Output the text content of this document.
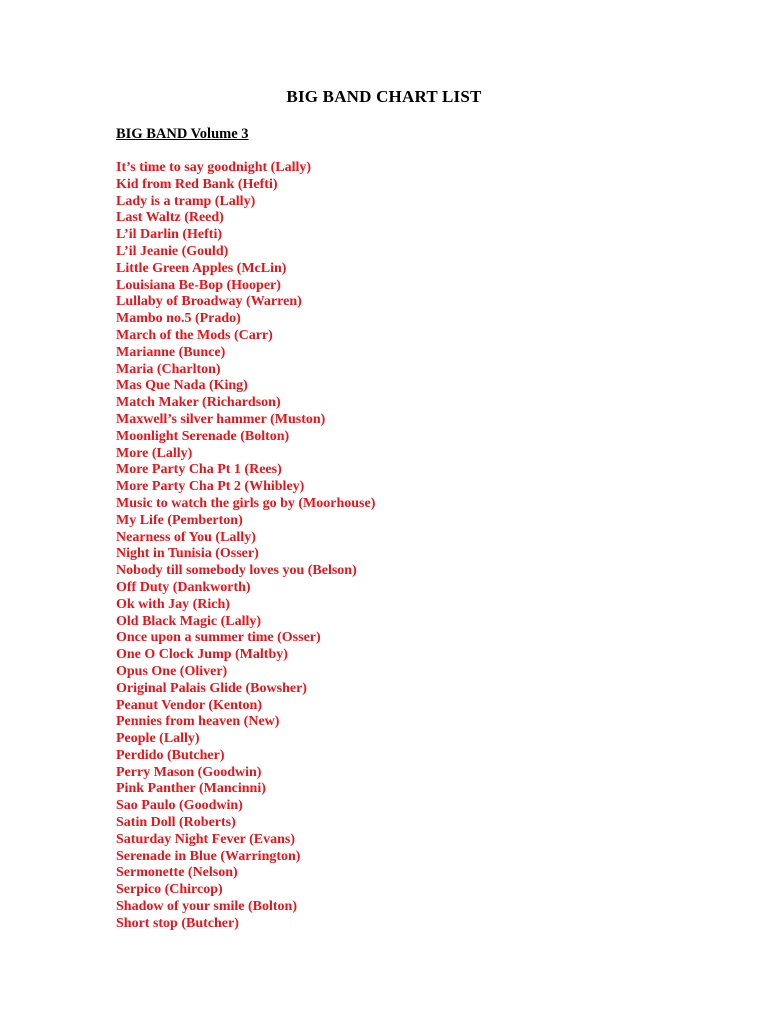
BIG BAND CHART LIST
BIG BAND Volume 3
It’s time to say goodnight (Lally)
Kid from Red Bank (Hefti)
Lady is a tramp (Lally)
Last Waltz (Reed)
L’il Darlin (Hefti)
L’il Jeanie (Gould)
Little Green Apples (McLin)
Louisiana Be-Bop (Hooper)
Lullaby of Broadway (Warren)
Mambo no.5 (Prado)
March of the Mods (Carr)
Marianne (Bunce)
Maria (Charlton)
Mas Que Nada (King)
Match Maker (Richardson)
Maxwell’s silver hammer (Muston)
Moonlight Serenade (Bolton)
More (Lally)
More Party Cha Pt 1 (Rees)
More Party Cha Pt 2 (Whibley)
Music to watch the girls go by (Moorhouse)
My Life (Pemberton)
Nearness of You (Lally)
Night in Tunisia (Osser)
Nobody till somebody loves you (Belson)
Off Duty (Dankworth)
Ok with Jay (Rich)
Old Black Magic (Lally)
Once upon a summer time (Osser)
One O Clock Jump (Maltby)
Opus One (Oliver)
Original Palais Glide (Bowsher)
Peanut Vendor (Kenton)
Pennies from heaven (New)
People (Lally)
Perdido (Butcher)
Perry Mason (Goodwin)
Pink Panther (Mancinni)
Sao Paulo (Goodwin)
Satin Doll (Roberts)
Saturday Night Fever (Evans)
Serenade in Blue (Warrington)
Sermonette (Nelson)
Serpico (Chircop)
Shadow of your smile (Bolton)
Short stop (Butcher)
